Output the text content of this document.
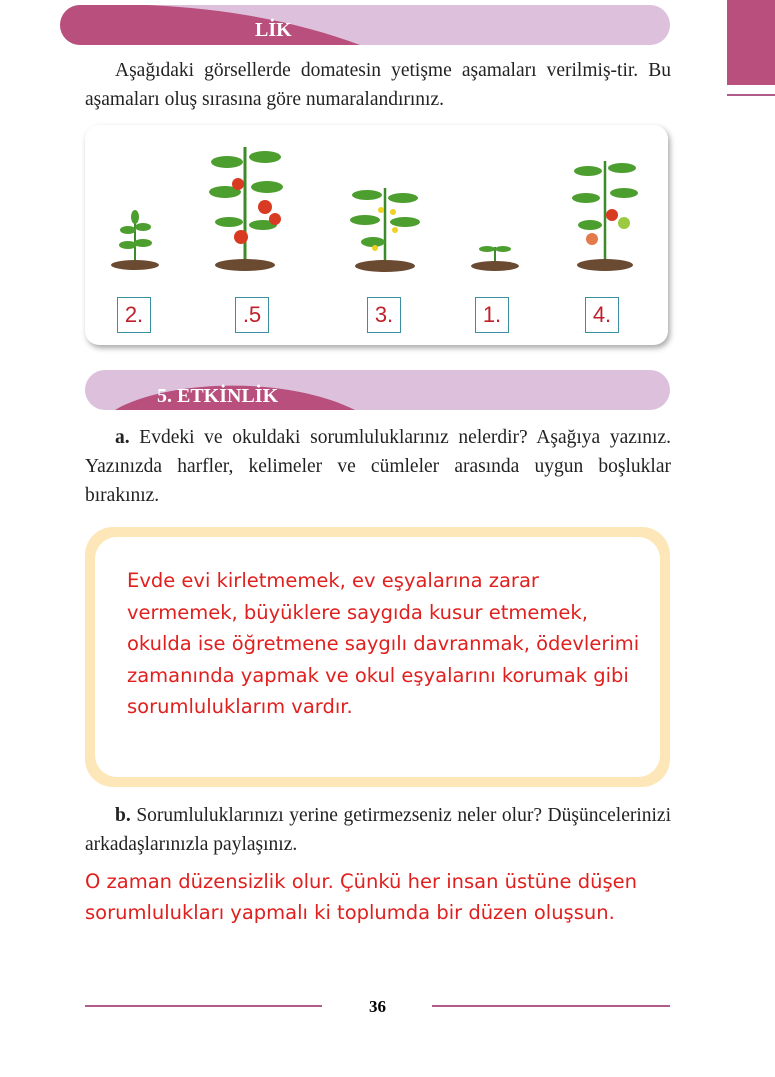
LİK

Aşağıdaki görsellerde domatesin yetişme aşamaları verilmiş-tir. Bu aşamaları oluş sırasına göre numaralandırınız.

2.	.5	3.	1.	4.
5. ETKİNLİK

a. Evdeki ve okuldaki sorumluluklarınız nelerdir? Aşağıya yazınız. Yazınızda harfler, kelimeler ve cümleler arasında uygun boşluklar bırakınız.

Evde evi kirletmemek, ev eşyalarına zarar vermemek, büyüklere saygıda kusur etmemek, okulda ise öğretmene saygılı davranmak, ödevlerimi zamanında yapmak ve okul eşyalarını korumak gibi sorumluluklarım vardır.

b. Sorumluluklarınızı yerine getirmezseniz neler olur? Düşüncelerinizi arkadaşlarınızla paylaşınız.

O zaman düzensizlik olur. Çünkü her insan üstüne düşen sorumlulukları yapmalı ki toplumda bir düzen oluşsun.
36
